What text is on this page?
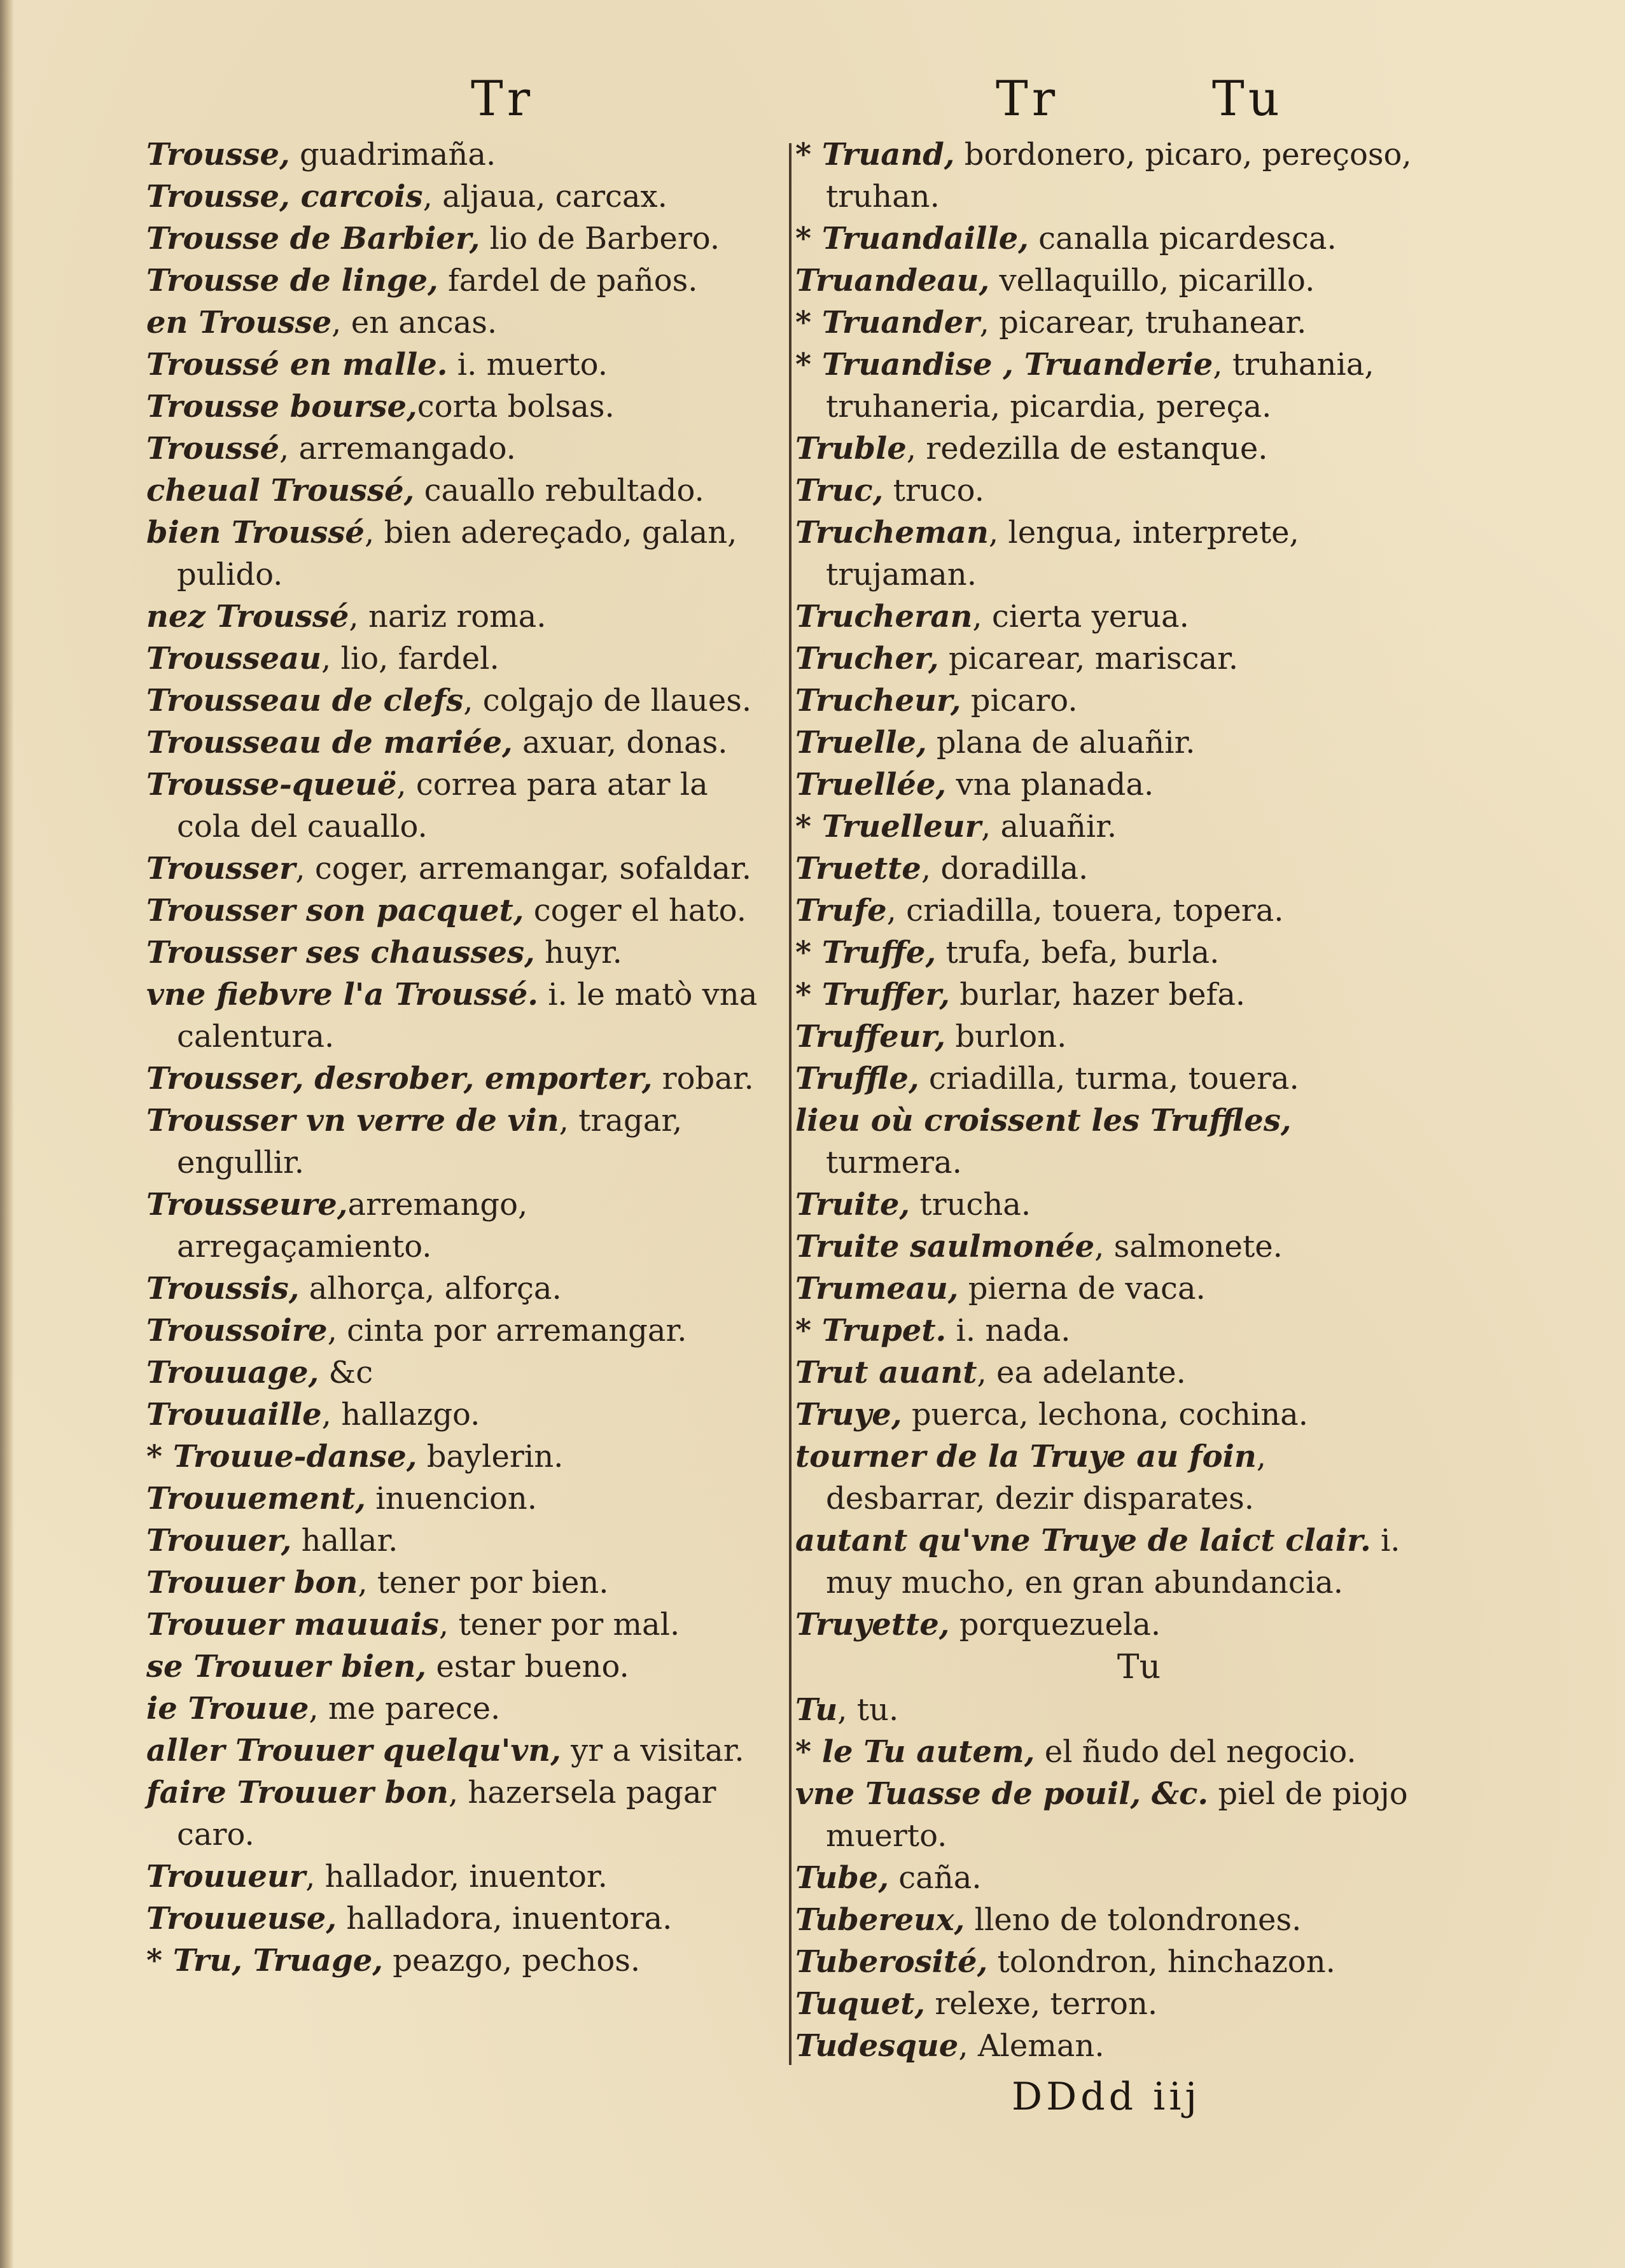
Tr	Tr	Tu

Trousse, guadrimaña.

Trousse, carcois, aljaua, carcax.

Trousse de Barbier, lio de Barbero.

Trousse de linge, fardel de paños.

en Trousse, en ancas.

Troussé en malle. i. muerto.

Trousse bourse,corta bolsas.

Troussé, arremangado.

cheual Troussé, cauallo rebultado.

bien Troussé, bien adereçado, galan, pulido.

nez Troussé, nariz roma.

Trousseau, lio, fardel.

Trousseau de clefs, colgajo de llaues.

Trousseau de mariée, axuar, donas.

Trousse-queuë, correa para atar la cola del cauallo.

Trousser, coger, arremangar, sofaldar.

Trousser son pacquet, coger el hato.

Trousser ses chausses, huyr.

vne fiebvre l'a Troussé. i. le matò vna calentura.

Trousser, desrober, emporter, robar.

Trousser vn verre de vin, tragar, engullir.

Trousseure,arremango, arregaçamiento.

Troussis, alhorça, alforça.

Troussoire, cinta por arremangar.

Trouuage, &c

Trouuaille, hallazgo.

* Trouue-danse, baylerin.

Trouuement, inuencion.

Trouuer, hallar.

Trouuer bon, tener por bien.

Trouuer mauuais, tener por mal.

se Trouuer bien, estar bueno.

ie Trouue, me parece.

aller Trouuer quelqu'vn, yr a visitar.

faire Trouuer bon, hazersela pagar caro.

Trouueur, hallador, inuentor.

Trouueuse, halladora, inuentora.

* Tru, Truage, peazgo, pechos.

* Truand, bordonero, picaro, pereçoso, truhan.

* Truandaille, canalla picardesca.

Truandeau, vellaquillo, picarillo.

* Truander, picarear, truhanear.

* Truandise , Truanderie, truhania, truhaneria, picardia, pereça.

Truble, redezilla de estanque.

Truc, truco.

Trucheman, lengua, interprete, trujaman.

Trucheran, cierta yerua.

Trucher, picarear, mariscar.

Trucheur, picaro.

Truelle, plana de aluañir.

Truellée, vna planada.

* Truelleur, aluañir.

Truette, doradilla.

Trufe, criadilla, touera, topera.

* Truffe, trufa, befa, burla.

* Truffer, burlar, hazer befa.

Truffeur, burlon.

Truffle, criadilla, turma, touera.

lieu où croissent les Truffles, turmera.

Truite, trucha.

Truite saulmonée, salmonete.

Trumeau, pierna de vaca.

* Trupet. i. nada.

Trut auant, ea adelante.

Truye, puerca, lechona, cochina.

tourner de la Truye au foin, desbarrar, dezir disparates.

autant qu'vne Truye de laict clair. i. muy mucho, en gran abundancia.

Truyette, porquezuela.

Tu

Tu, tu.

* le Tu autem, el ñudo del negocio.

vne Tuasse de pouil, &c. piel de piojo muerto.

Tube, caña.

Tubereux, lleno de tolondrones.

Tuberosité, tolondron, hinchazon.

Tuquet, relexe, terron.

Tudesque, Aleman.

DDdd iij
